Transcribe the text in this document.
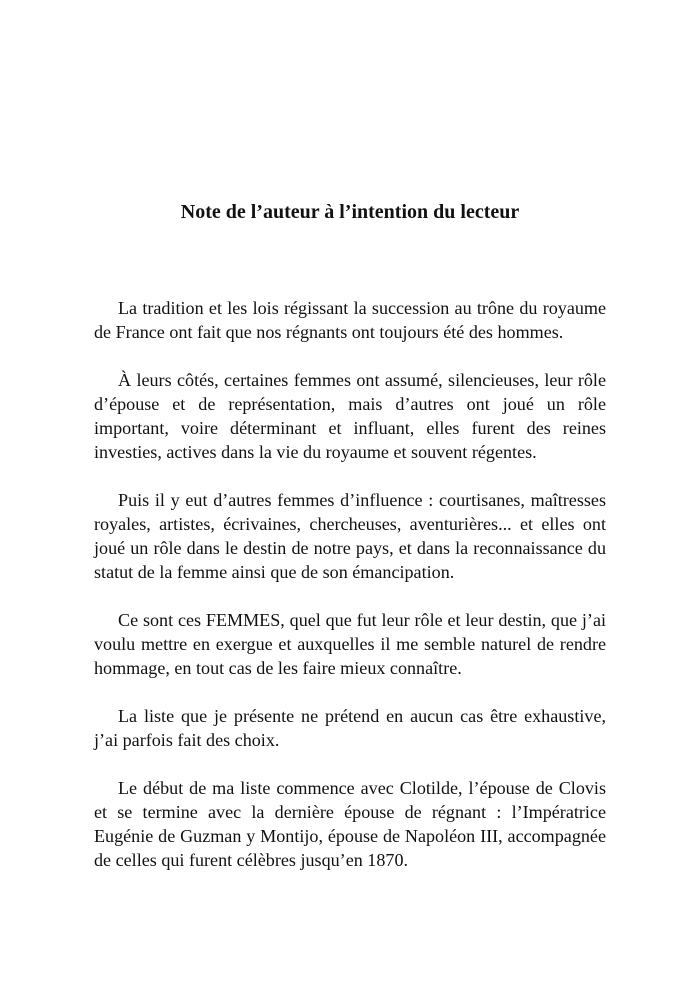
Note de l’auteur à l’intention du lecteur

La tradition et les lois régissant la succession au trône du royaume de France ont fait que nos régnants ont toujours été des hommes.

À leurs côtés, certaines femmes ont assumé, silencieuses, leur rôle d’épouse et de représentation, mais d’autres ont joué un rôle important, voire déterminant et influant, elles furent des reines investies, actives dans la vie du royaume et souvent régentes.

Puis il y eut d’autres femmes d’influence : courtisanes, maîtresses royales, artistes, écrivaines, chercheuses, aventurières... et elles ont joué un rôle dans le destin de notre pays, et dans la reconnaissance du statut de la femme ainsi que de son émancipation.

Ce sont ces FEMMES, quel que fut leur rôle et leur destin, que j’ai voulu mettre en exergue et auxquelles il me semble naturel de rendre hommage, en tout cas de les faire mieux connaître.

La liste que je présente ne prétend en aucun cas être exhaustive, j’ai parfois fait des choix.

Le début de ma liste commence avec Clotilde, l’épouse de Clovis et se termine avec la dernière épouse de régnant : l’Impératrice Eugénie de Guzman y Montijo, épouse de Napoléon III, accompagnée de celles qui furent célèbres jusqu’en 1870.
